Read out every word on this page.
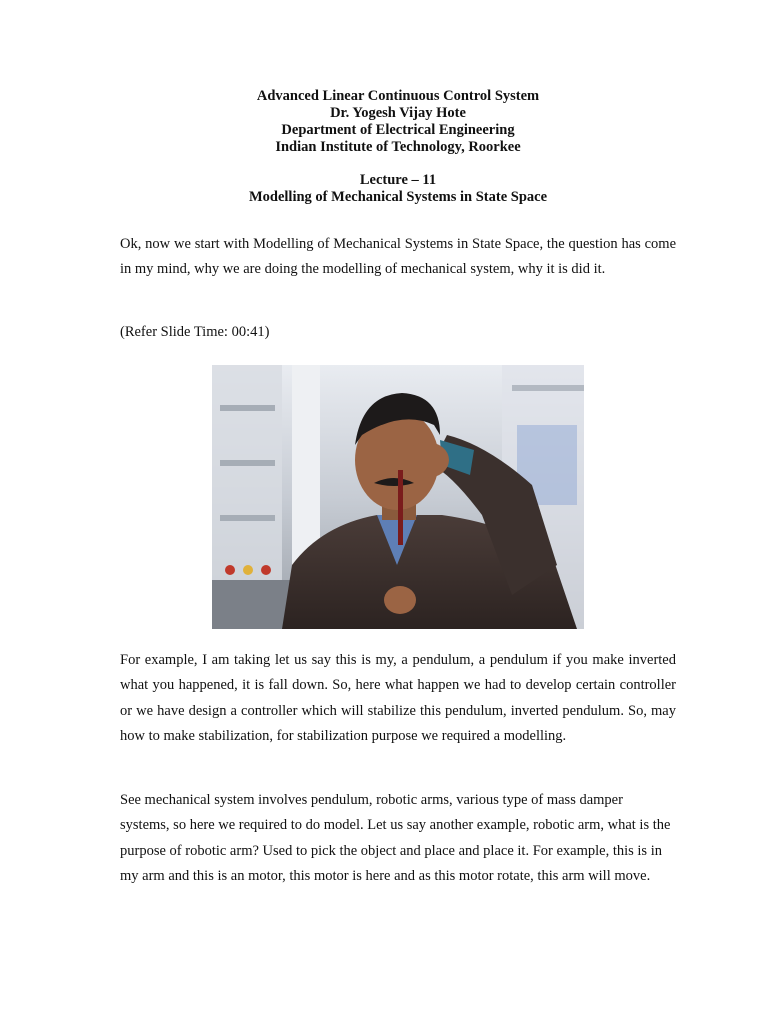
Advanced Linear Continuous Control System
Dr. Yogesh Vijay Hote
Department of Electrical Engineering
Indian Institute of Technology, Roorkee
Lecture – 11
Modelling of Mechanical Systems in State Space

Ok, now we start with Modelling of Mechanical Systems in State Space, the question has come in my mind, why we are doing the modelling of mechanical system, why it is did it.

(Refer Slide Time: 00:41)

For example, I am taking let us say this is my, a pendulum, a pendulum if you make inverted what you happened, it is fall down. So, here what happen we had to develop certain controller or we have design a controller which will stabilize this pendulum, inverted pendulum. So, may how to make stabilization, for stabilization purpose we required a modelling.

See mechanical system involves pendulum, robotic arms, various type of mass damper systems, so here we required to do model. Let us say another example, robotic arm, what is the purpose of robotic arm? Used to pick the object and place and place it. For example, this is in my arm and this is an motor, this motor is here and as this motor rotate, this arm will move.
